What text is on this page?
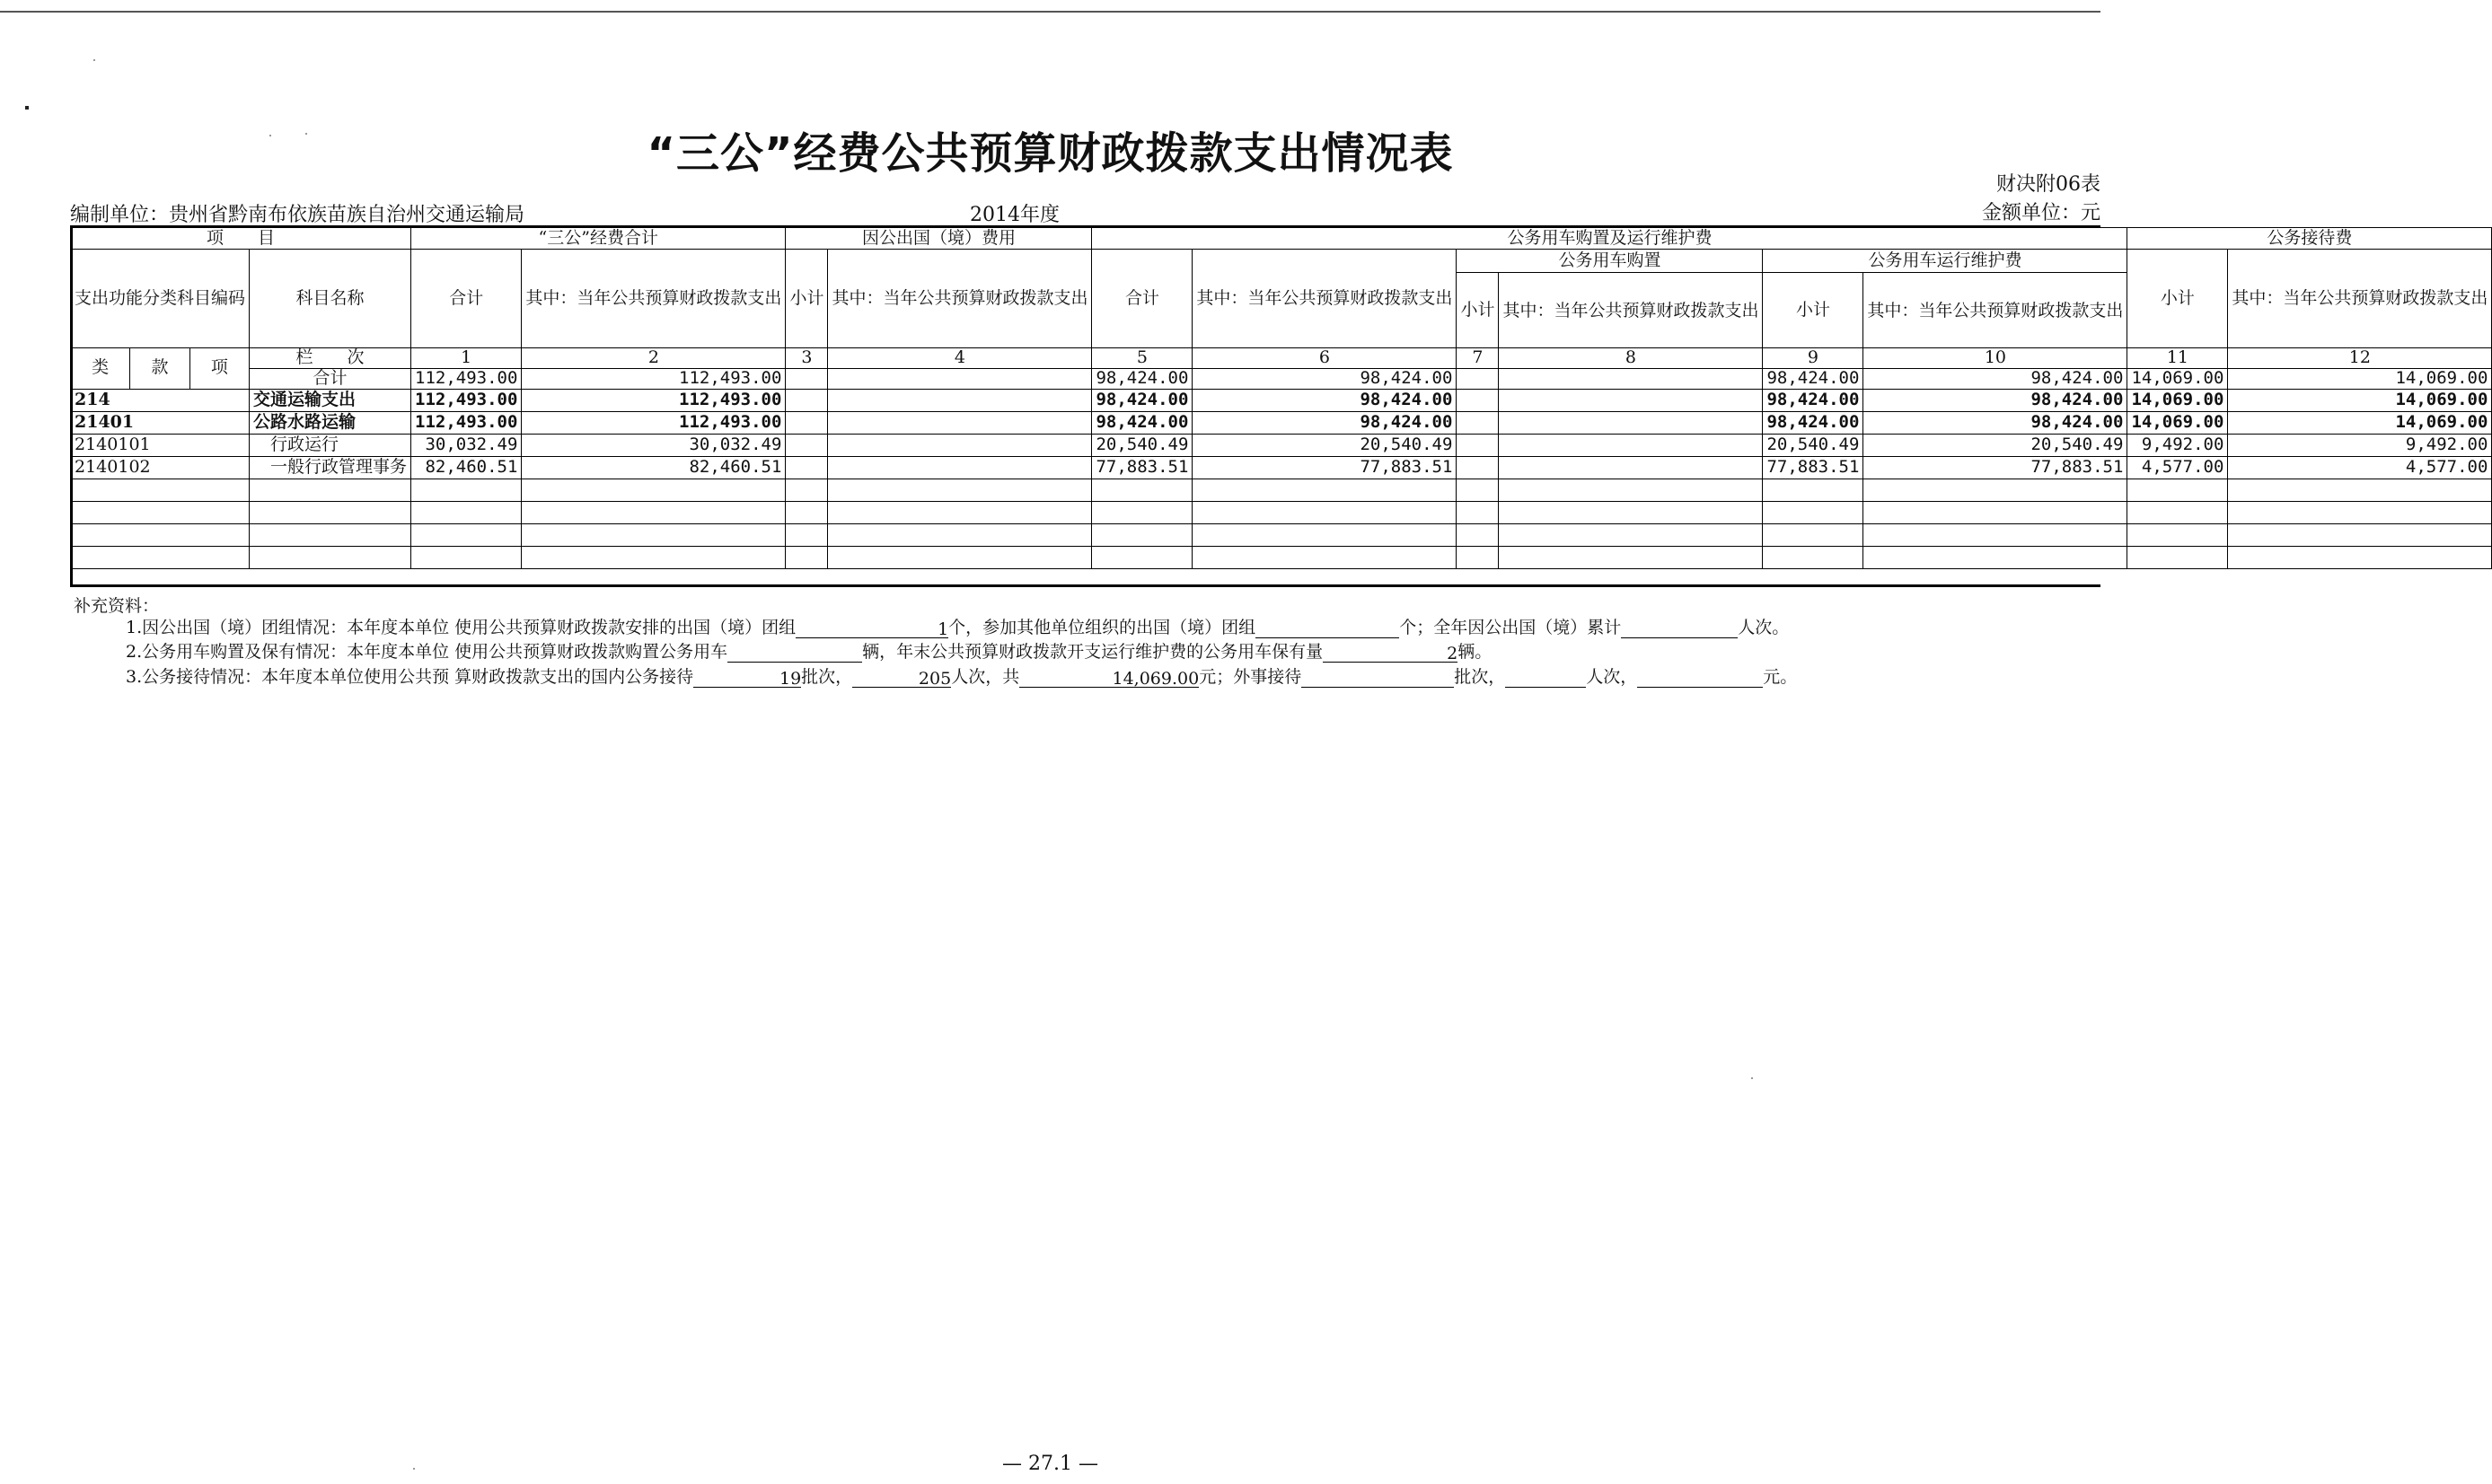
“三公”经费公共预算财政拨款支出情况表
财决附06表
编制单位：贵州省黔南布依族苗族自治州交通运输局	2014年度	金额单位：元
项　　目				“三公”经费合计		因公出国（境）费用		公务用车购置及运行维护费						公务接待费	
支出功能分类科目编码			科目名称	合计	其中：当年公共预算财政拨款支出	小计	其中：当年公共预算财政拨款支出	合计	其中：当年公共预算财政拨款支出	公务用车购置		公务用车运行维护费		小计	其中：当年公共预算财政拨款支出
										小计	其中：当年公共预算财政拨款支出	小计	其中：当年公共预算财政拨款支出		
类	款	项	栏　　次	1	2	3	4	5	6	7	8	9	10	11	12
			合计	112,493.00	112,493.00			98,424.00	98,424.00			98,424.00	98,424.00	14,069.00	14,069.00
214			交通运输支出	112,493.00	112,493.00			98,424.00	98,424.00			98,424.00	98,424.00	14,069.00	14,069.00
21401			公路水路运输	112,493.00	112,493.00			98,424.00	98,424.00			98,424.00	98,424.00	14,069.00	14,069.00
2140101			　行政运行	30,032.49	30,032.49			20,540.49	20,540.49			20,540.49	20,540.49	9,492.00	9,492.00
2140102			　一般行政管理事务	82,460.51	82,460.51			77,883.51	77,883.51			77,883.51	77,883.51	4,577.00	4,577.00

补充资料：
1.因公出国（境）团组情况：本年度本单位 使用公共预算财政拨款安排的出国（境）团组	1个，参加其他单位组织的出国（境）团组	个；全年因公出国（境）累计	人次。
2.公务用车购置及保有情况：本年度本单位 使用公共预算财政拨款购置公务用车	辆，年末公共预算财政拨款开支运行维护费的公务用车保有量	2辆。
3.公务接待情况：本年度本单位使用公共预 算财政拨款支出的国内公务接待	19批次，	205人次，共	14,069.00元；外事接待	批次，	人次，	元。
— 27.1 —
